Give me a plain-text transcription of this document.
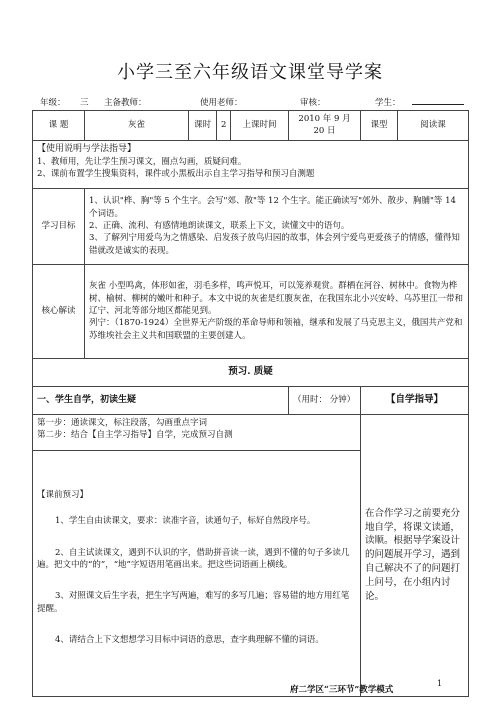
小学三至六年级语文课堂导学案
年级： 三 主备教师：	使用老师：	审核：	学生：
课 题	灰雀	课时	2	上课时间	2010 年 9 月 20 日	课型	阅读课

【使用说明与学法指导】

1、教师用，先让学生预习课文，圈点勾画，质疑问难。

2、课前布置学生搜集资料，课件或小黑板出示自主学习指导和预习自测题							

学习目标	1、认识"桦、胸"等 5 个生字。会写"郊、散"等 12 个生字。能正确读写"郊外、散步、胸脯"等 14 个词语。

2、正确、流利、有感情地朗读课文，联系上下文，读懂文中的语句。

3、了解列宁用爱鸟为之情感染、启发孩子放鸟归园的故事，体会列宁爱鸟更爱孩子的情感，懂得知错就改是诚实的表现。						

核心解读	灰雀 小型鸣禽，体形如雀，羽毛多样，鸣声悦耳，可以笼养观赏。群栖在河谷、树林中。食物为桦树、榆树、柳树的嫩叶和种子。本文中说的灰雀是红腹灰雀，在我国东北小兴安岭、乌苏里江一带和辽宁、河北等部分地区都能见到。

列宁：（1870-1924）全世界无产阶级的革命导师和领袖，继承和发展了马克思主义，俄国共产党和苏维埃社会主义共和国联盟的主要创建人。						

预习. 质疑							
一、学生自学，初读生疑					（用时： 分钟）	【自学指导】	

第一步：通读课文，标注段落，勾画重点字词

第二步：结合【自主学习指导】自学，完成预习自测						在合作学习之前要充分地自学，将课文读通，读顺。根据导学案设计的问题展开学习，遇到自己解决不了的问题打上问号，在小组内讨论。	

【课前预习】

1、学生自由读课文，要求：读准字音，读通句子，标好自然段序号。

2、自主试读课文，遇到不认识的字，借助拼音读一读，遇到不懂的句子多读几遍。把文中的“的”，“地”字短语用笔画出来。把这些词语画上横线。

3、对照课文后生字表，把生字写两遍，难写的多写几遍；容易错的地方用红笔提醒。

4、请结合上下文想想学习目标中词语的意思，查字典理解不懂的词语。							

府二学区“三环节”教学模式
1
